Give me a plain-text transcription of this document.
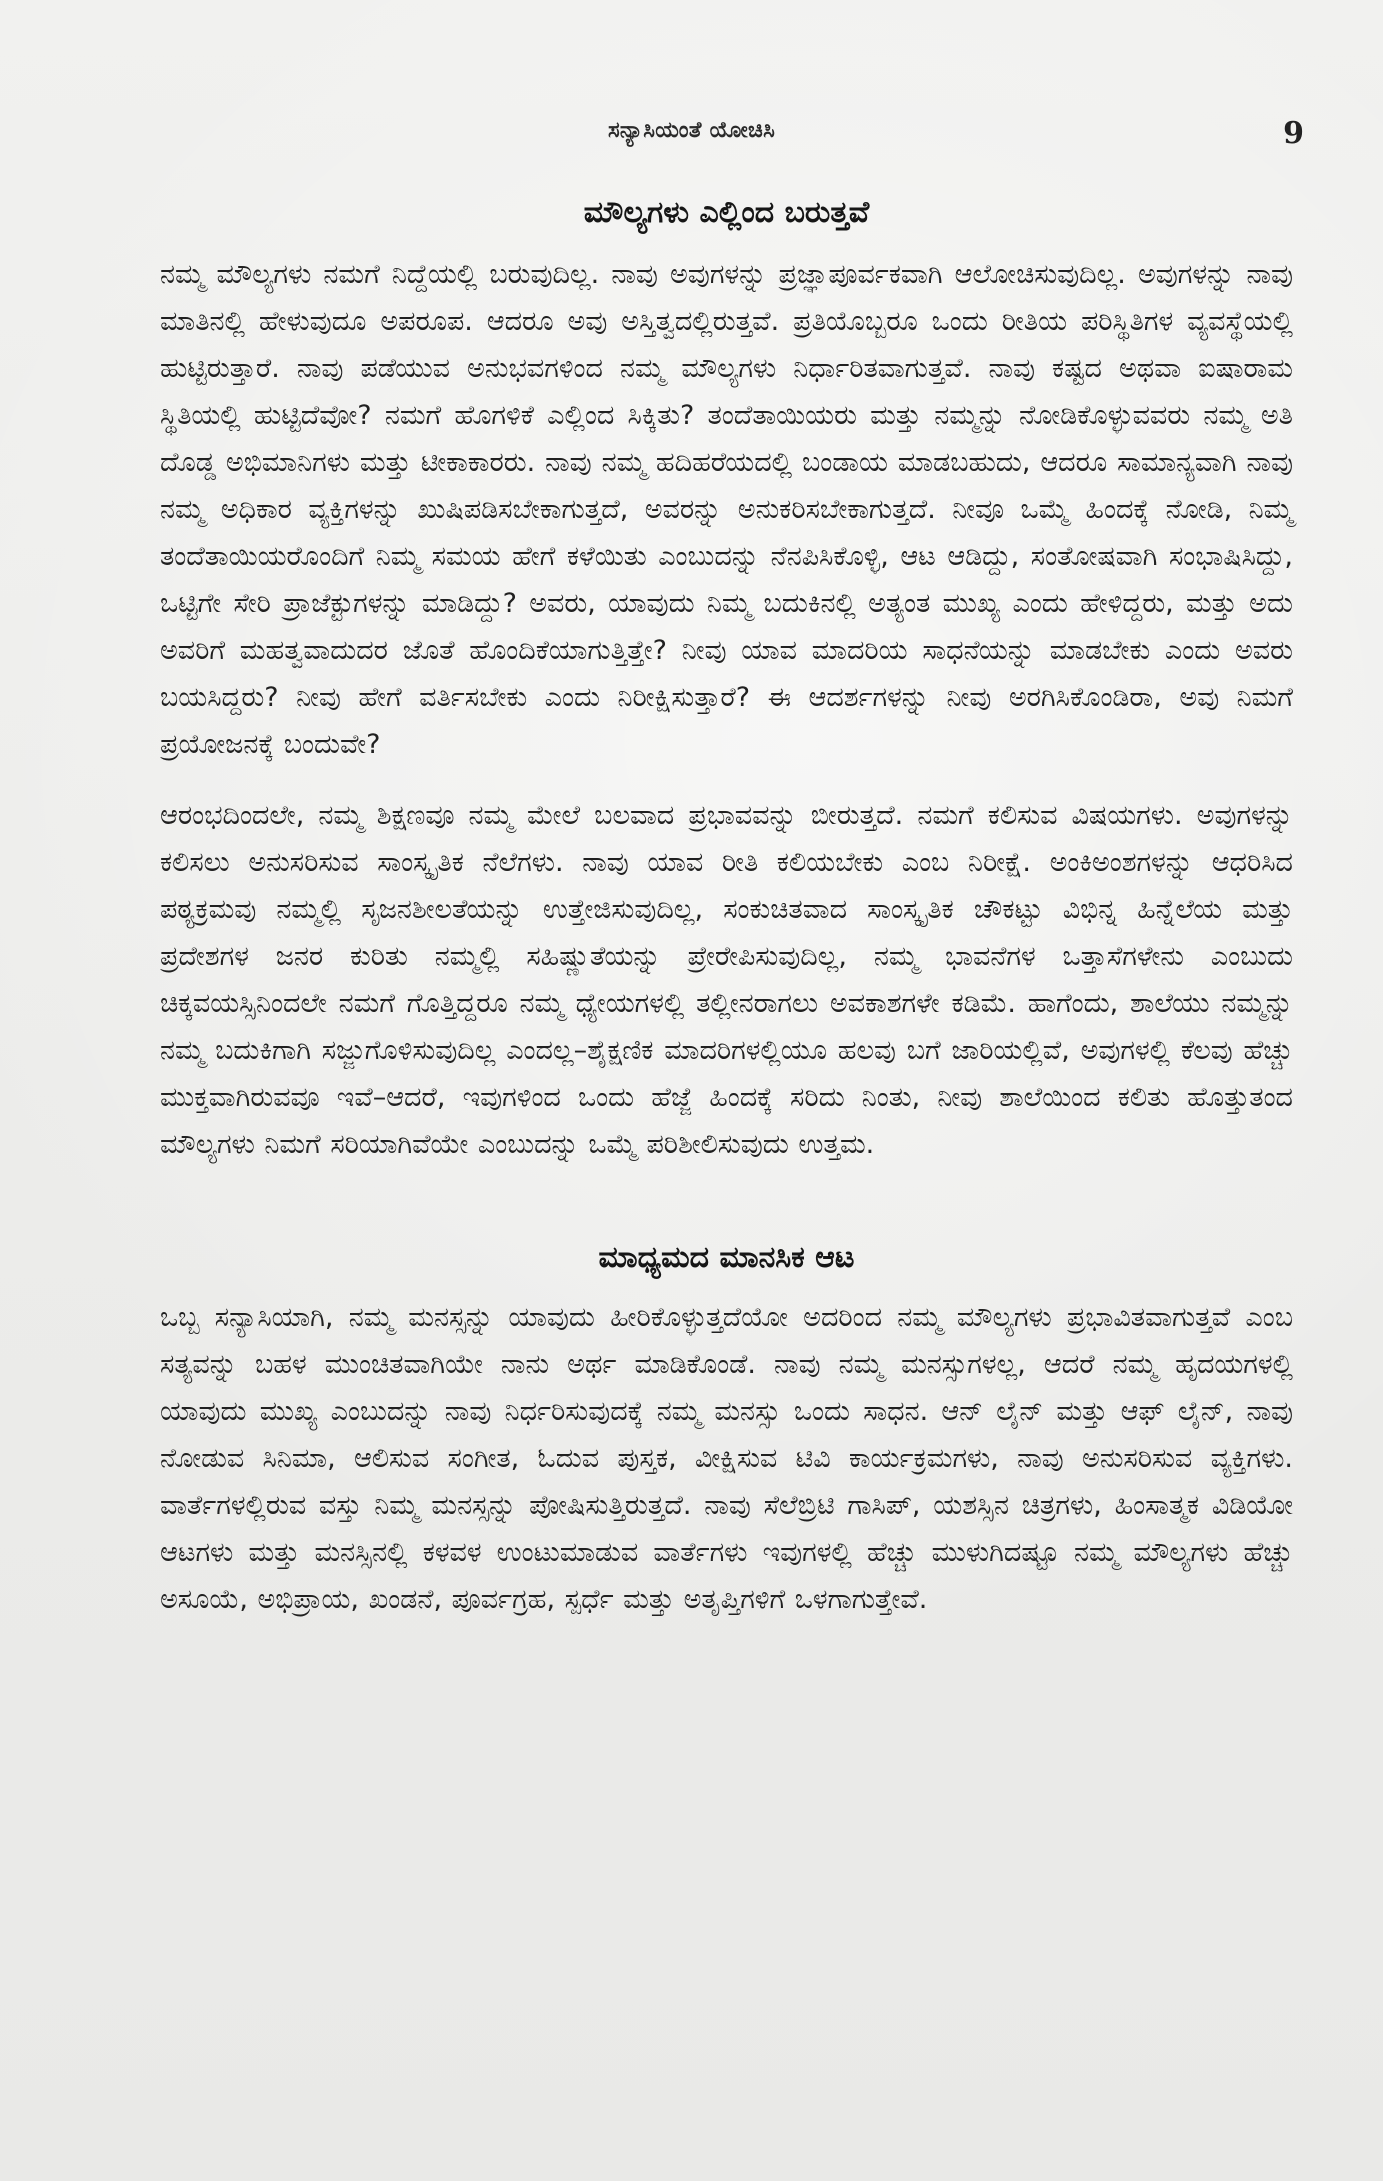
ಸನ್ಯಾಸಿಯಂತೆ ಯೋಚಿಸಿ	9
ಮೌಲ್ಯಗಳು ಎಲ್ಲಿಂದ ಬರುತ್ತವೆ

ನಮ್ಮ ಮೌಲ್ಯಗಳು ನಮಗೆ ನಿದ್ದೆಯಲ್ಲಿ ಬರುವುದಿಲ್ಲ. ನಾವು ಅವುಗಳನ್ನು ಪ್ರಜ್ಞಾಪೂರ್ವಕವಾಗಿ ಆಲೋಚಿಸುವುದಿಲ್ಲ. ಅವುಗಳನ್ನು ನಾವು ಮಾತಿನಲ್ಲಿ ಹೇಳುವುದೂ ಅಪರೂಪ. ಆದರೂ ಅವು ಅಸ್ತಿತ್ವದಲ್ಲಿರುತ್ತವೆ. ಪ್ರತಿಯೊಬ್ಬರೂ ಒಂದು ರೀತಿಯ ಪರಿಸ್ಥಿತಿಗಳ ವ್ಯವಸ್ಥೆಯಲ್ಲಿ ಹುಟ್ಟಿರುತ್ತಾರೆ. ನಾವು ಪಡೆಯುವ ಅನುಭವಗಳಿಂದ ನಮ್ಮ ಮೌಲ್ಯಗಳು ನಿರ್ಧಾರಿತವಾಗುತ್ತವೆ. ನಾವು ಕಷ್ಟದ ಅಥವಾ ಐಷಾರಾಮ ಸ್ಥಿತಿಯಲ್ಲಿ ಹುಟ್ಟಿದೆವೋ? ನಮಗೆ ಹೊಗಳಿಕೆ ಎಲ್ಲಿಂದ ಸಿಕ್ಕಿತು? ತಂದೆತಾಯಿಯರು ಮತ್ತು ನಮ್ಮನ್ನು ನೋಡಿಕೊಳ್ಳುವವರು ನಮ್ಮ ಅತಿ ದೊಡ್ಡ ಅಭಿಮಾನಿಗಳು ಮತ್ತು ಟೀಕಾಕಾರರು. ನಾವು ನಮ್ಮ ಹದಿಹರೆಯದಲ್ಲಿ ಬಂಡಾಯ ಮಾಡಬಹುದು, ಆದರೂ ಸಾಮಾನ್ಯವಾಗಿ ನಾವು ನಮ್ಮ ಅಧಿಕಾರ ವ್ಯಕ್ತಿಗಳನ್ನು ಖುಷಿಪಡಿಸಬೇಕಾಗುತ್ತದೆ, ಅವರನ್ನು ಅನುಕರಿಸಬೇಕಾಗುತ್ತದೆ. ನೀವೂ ಒಮ್ಮೆ ಹಿಂದಕ್ಕೆ ನೋಡಿ, ನಿಮ್ಮ ತಂದೆತಾಯಿಯರೊಂದಿಗೆ ನಿಮ್ಮ ಸಮಯ ಹೇಗೆ ಕಳೆಯಿತು ಎಂಬುದನ್ನು ನೆನಪಿಸಿಕೊಳ್ಳಿ, ಆಟ ಆಡಿದ್ದು, ಸಂತೋಷವಾಗಿ ಸಂಭಾಷಿಸಿದ್ದು, ಒಟ್ಟಿಗೇ ಸೇರಿ ಪ್ರಾಜೆಕ್ಟುಗಳನ್ನು ಮಾಡಿದ್ದು? ಅವರು, ಯಾವುದು ನಿಮ್ಮ ಬದುಕಿನಲ್ಲಿ ಅತ್ಯಂತ ಮುಖ್ಯ ಎಂದು ಹೇಳಿದ್ದರು, ಮತ್ತು ಅದು ಅವರಿಗೆ ಮಹತ್ವವಾದುದರ ಜೊತೆ ಹೊಂದಿಕೆಯಾಗುತ್ತಿತ್ತೇ? ನೀವು ಯಾವ ಮಾದರಿಯ ಸಾಧನೆಯನ್ನು ಮಾಡಬೇಕು ಎಂದು ಅವರು ಬಯಸಿದ್ದರು? ನೀವು ಹೇಗೆ ವರ್ತಿಸಬೇಕು ಎಂದು ನಿರೀಕ್ಷಿಸುತ್ತಾರೆ? ಈ ಆದರ್ಶಗಳನ್ನು ನೀವು ಅರಗಿಸಿಕೊಂಡಿರಾ, ಅವು ನಿಮಗೆ ಪ್ರಯೋಜನಕ್ಕೆ ಬಂದುವೇ?

ಆರಂಭದಿಂದಲೇ, ನಮ್ಮ ಶಿಕ್ಷಣವೂ ನಮ್ಮ ಮೇಲೆ ಬಲವಾದ ಪ್ರಭಾವವನ್ನು ಬೀರುತ್ತದೆ. ನಮಗೆ ಕಲಿಸುವ ವಿಷಯಗಳು. ಅವುಗಳನ್ನು ಕಲಿಸಲು ಅನುಸರಿಸುವ ಸಾಂಸ್ಕೃತಿಕ ನೆಲೆಗಳು. ನಾವು ಯಾವ ರೀತಿ ಕಲಿಯಬೇಕು ಎಂಬ ನಿರೀಕ್ಷೆ. ಅಂಕಿಅಂಶಗಳನ್ನು ಆಧರಿಸಿದ ಪಠ್ಯಕ್ರಮವು ನಮ್ಮಲ್ಲಿ ಸೃಜನಶೀಲತೆಯನ್ನು ಉತ್ತೇಜಿಸುವುದಿಲ್ಲ, ಸಂಕುಚಿತವಾದ ಸಾಂಸ್ಕೃತಿಕ ಚೌಕಟ್ಟು ವಿಭಿನ್ನ ಹಿನ್ನೆಲೆಯ ಮತ್ತು ಪ್ರದೇಶಗಳ ಜನರ ಕುರಿತು ನಮ್ಮಲ್ಲಿ ಸಹಿಷ್ಣುತೆಯನ್ನು ಪ್ರೇರೇಪಿಸುವುದಿಲ್ಲ, ನಮ್ಮ ಭಾವನೆಗಳ ಒತ್ತಾಸೆಗಳೇನು ಎಂಬುದು ಚಿಕ್ಕವಯಸ್ಸಿನಿಂದಲೇ ನಮಗೆ ಗೊತ್ತಿದ್ದರೂ ನಮ್ಮ ಧ್ಯೇಯಗಳಲ್ಲಿ ತಲ್ಲೀನರಾಗಲು ಅವಕಾಶಗಳೇ ಕಡಿಮೆ. ಹಾಗೆಂದು, ಶಾಲೆಯು ನಮ್ಮನ್ನು ನಮ್ಮ ಬದುಕಿಗಾಗಿ ಸಜ್ಜುಗೊಳಿಸುವುದಿಲ್ಲ ಎಂದಲ್ಲ–ಶೈಕ್ಷಣಿಕ ಮಾದರಿಗಳಲ್ಲಿಯೂ ಹಲವು ಬಗೆ ಜಾರಿಯಲ್ಲಿವೆ, ಅವುಗಳಲ್ಲಿ ಕೆಲವು ಹೆಚ್ಚು ಮುಕ್ತವಾಗಿರುವವೂ ಇವೆ–ಆದರೆ, ಇವುಗಳಿಂದ ಒಂದು ಹೆಜ್ಜೆ ಹಿಂದಕ್ಕೆ ಸರಿದು ನಿಂತು, ನೀವು ಶಾಲೆಯಿಂದ ಕಲಿತು ಹೊತ್ತುತಂದ ಮೌಲ್ಯಗಳು ನಿಮಗೆ ಸರಿಯಾಗಿವೆಯೇ ಎಂಬುದನ್ನು ಒಮ್ಮೆ ಪರಿಶೀಲಿಸುವುದು ಉತ್ತಮ.

ಮಾಧ್ಯಮದ ಮಾನಸಿಕ ಆಟ

ಒಬ್ಬ ಸನ್ಯಾಸಿಯಾಗಿ, ನಮ್ಮ ಮನಸ್ಸನ್ನು ಯಾವುದು ಹೀರಿಕೊಳ್ಳುತ್ತದೆಯೋ ಅದರಿಂದ ನಮ್ಮ ಮೌಲ್ಯಗಳು ಪ್ರಭಾವಿತವಾಗುತ್ತವೆ ಎಂಬ ಸತ್ಯವನ್ನು ಬಹಳ ಮುಂಚಿತವಾಗಿಯೇ ನಾನು ಅರ್ಥ ಮಾಡಿಕೊಂಡೆ. ನಾವು ನಮ್ಮ ಮನಸ್ಸುಗಳಲ್ಲ, ಆದರೆ ನಮ್ಮ ಹೃದಯಗಳಲ್ಲಿ ಯಾವುದು ಮುಖ್ಯ ಎಂಬುದನ್ನು ನಾವು ನಿರ್ಧರಿಸುವುದಕ್ಕೆ ನಮ್ಮ ಮನಸ್ಸು ಒಂದು ಸಾಧನ. ಆನ್ ಲೈನ್ ಮತ್ತು ಆಫ್ ಲೈನ್, ನಾವು ನೋಡುವ ಸಿನಿಮಾ, ಆಲಿಸುವ ಸಂಗೀತ, ಓದುವ ಪುಸ್ತಕ, ವೀಕ್ಷಿಸುವ ಟಿವಿ ಕಾರ್ಯಕ್ರಮಗಳು, ನಾವು ಅನುಸರಿಸುವ ವ್ಯಕ್ತಿಗಳು. ವಾರ್ತೆಗಳಲ್ಲಿರುವ ವಸ್ತು ನಿಮ್ಮ ಮನಸ್ಸನ್ನು ಪೋಷಿಸುತ್ತಿರುತ್ತದೆ. ನಾವು ಸೆಲೆಬ್ರಿಟಿ ಗಾಸಿಪ್, ಯಶಸ್ಸಿನ ಚಿತ್ರಗಳು, ಹಿಂಸಾತ್ಮಕ ವಿಡಿಯೋ ಆಟಗಳು ಮತ್ತು ಮನಸ್ಸಿನಲ್ಲಿ ಕಳವಳ ಉಂಟುಮಾಡುವ ವಾರ್ತೆಗಳು ಇವುಗಳಲ್ಲಿ ಹೆಚ್ಚು ಮುಳುಗಿದಷ್ಟೂ ನಮ್ಮ ಮೌಲ್ಯಗಳು ಹೆಚ್ಚು ಅಸೂಯೆ, ಅಭಿಪ್ರಾಯ, ಖಂಡನೆ, ಪೂರ್ವಗ್ರಹ, ಸ್ಪರ್ಧೆ ಮತ್ತು ಅತೃಪ್ತಿಗಳಿಗೆ ಒಳಗಾಗುತ್ತೇವೆ.
